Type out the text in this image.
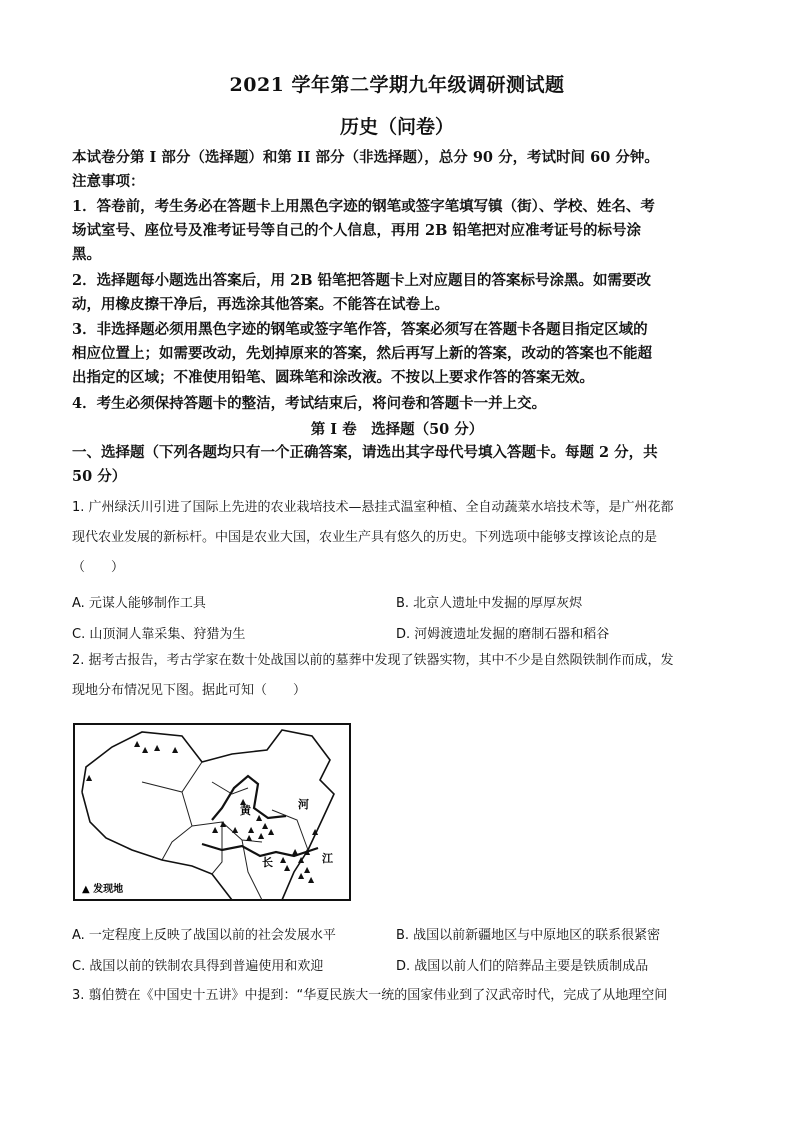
2021 学年第二学期九年级调研测试题
历史（问卷）
本试卷分第 I 部分（选择题）和第 II 部分（非选择题），总分 90 分，考试时间 60 分钟。
注意事项：
1．答卷前，考生务必在答题卡上用黑色字迹的钢笔或签字笔填写镇（街）、学校、姓名、考
场试室号、座位号及准考证号等自己的个人信息，再用 2B 铅笔把对应准考证号的标号涂
黑。
2．选择题每小题选出答案后，用 2B 铅笔把答题卡上对应题目的答案标号涂黑。如需要改
动，用橡皮擦干净后，再选涂其他答案。不能答在试卷上。
3．非选择题必须用黑色字迹的钢笔或签字笔作答，答案必须写在答题卡各题目指定区域的
相应位置上；如需要改动，先划掉原来的答案，然后再写上新的答案，改动的答案也不能超
出指定的区域；不准使用铅笔、圆珠笔和涂改液。不按以上要求作答的答案无效。
4．考生必须保持答题卡的整洁，考试结束后，将问卷和答题卡一并上交。
第 I 卷　选择题（50 分）
一、选择题（下列各题均只有一个正确答案，请选出其字母代号填入答题卡。每题 2 分，共
50 分）
1. 广州绿沃川引进了国际上先进的农业栽培技术—悬挂式温室种植、全自动蔬菜水培技术等，是广州花都
现代农业发展的新标杆。中国是农业大国，农业生产具有悠久的历史。下列选项中能够支撑该论点的是
（　　）
A. 元谋人能够制作工具	B. 北京人遗址中发掘的厚厚灰烬
C. 山顶洞人靠采集、狩猎为生	D. 河姆渡遗址发掘的磨制石器和稻谷
2. 据考古报告，考古学家在数十处战国以前的墓葬中发现了铁器实物，其中不少是自然陨铁制作而成，发
现地分布情况见下图。据此可知（　　）
▲
▲ ▲ ▲
▲
▲
▲
▲
▲ ▲
▲
▲
▲
▲
▲
▲
▲
▲
▲
▲
▲
▲
▲
▲
黄	河
长	江
▲ 发现地
A. 一定程度上反映了战国以前的社会发展水平	B. 战国以前新疆地区与中原地区的联系很紧密
C. 战国以前的铁制农具得到普遍使用和欢迎	D. 战国以前人们的陪葬品主要是铁质制成品
3. 翦伯赞在《中国史十五讲》中提到：“华夏民族大一统的国家伟业到了汉武帝时代，完成了从地理空间
